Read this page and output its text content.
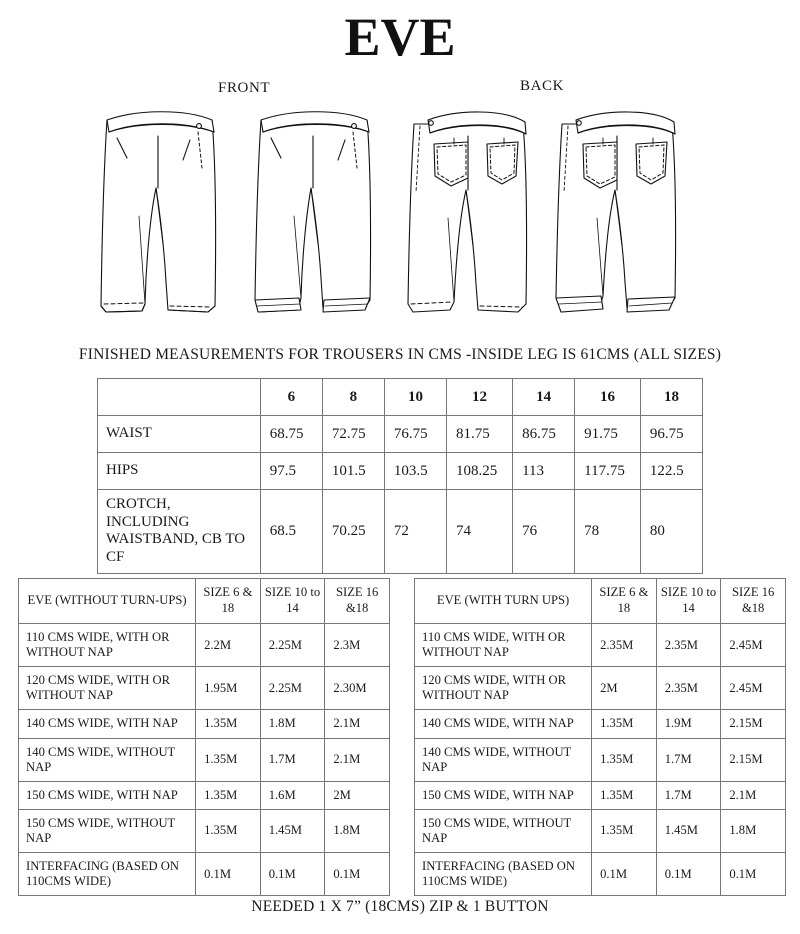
EVE
FRONT	BACK
FINISHED MEASUREMENTS FOR TROUSERS IN CMS -INSIDE LEG IS 61CMS (ALL SIZES)
	6	8	10	12	14	16	18
WAIST	68.75	72.75	76.75	81.75	86.75	91.75	96.75
HIPS	97.5	101.5	103.5	108.25	113	117.75	122.5
CROTCH, INCLUDING WAISTBAND, CB TO CF	68.5	70.25	72	74	76	78	80
EVE (WITHOUT TURN-UPS)	SIZE 6 & 18	SIZE 10 to 14	SIZE 16 &18
110 CMS WIDE, WITH OR WITHOUT NAP	2.2M	2.25M	2.3M
120 CMS WIDE, WITH OR WITHOUT NAP	1.95M	2.25M	2.30M
140 CMS WIDE, WITH NAP	1.35M	1.8M	2.1M
140 CMS WIDE, WITHOUT NAP	1.35M	1.7M	2.1M
150 CMS WIDE, WITH NAP	1.35M	1.6M	2M
150 CMS WIDE, WITHOUT NAP	1.35M	1.45M	1.8M
INTERFACING (BASED ON 110CMS WIDE)	0.1M	0.1M	0.1M
EVE (WITH TURN UPS)	SIZE 6 & 18	SIZE 10 to 14	SIZE 16 &18
110 CMS WIDE, WITH OR WITHOUT NAP	2.35M	2.35M	2.45M
120 CMS WIDE, WITH OR WITHOUT NAP	2M	2.35M	2.45M
140 CMS WIDE, WITH NAP	1.35M	1.9M	2.15M
140 CMS WIDE, WITHOUT NAP	1.35M	1.7M	2.15M
150 CMS WIDE, WITH NAP	1.35M	1.7M	2.1M
150 CMS WIDE, WITHOUT NAP	1.35M	1.45M	1.8M
INTERFACING (BASED ON 110CMS WIDE)	0.1M	0.1M	0.1M
NEEDED 1 X 7” (18CMS) ZIP & 1 BUTTON
